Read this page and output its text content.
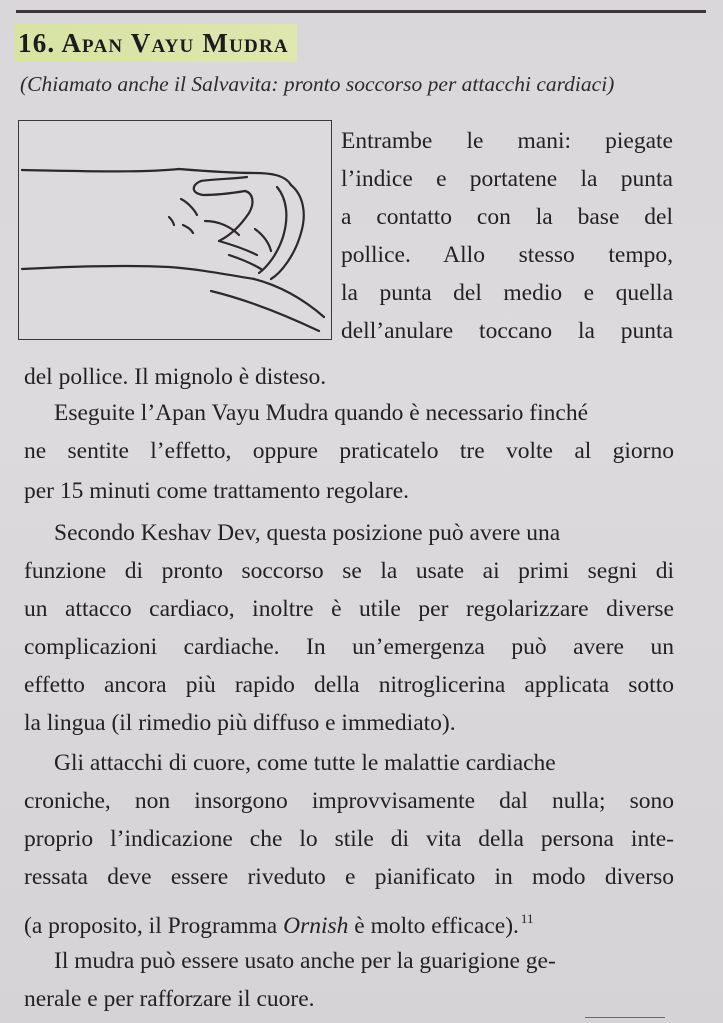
16. Apan Vayu Mudra
(Chiamato anche il Salvavita: pronto soccorso per attacchi cardiaci)
Entrambe le mani: piegate
l’indice e portatene la punta
a contatto con la base del
pollice. Allo stesso tempo,
la punta del medio e quella
dell’anulare toccano la punta
del pollice. Il mignolo è disteso.
Eseguite l’Apan Vayu Mudra quando è necessario finché
ne sentite l’effetto, oppure praticatelo tre volte al giorno
per 15 minuti come trattamento regolare.
Secondo Keshav Dev, questa posizione può avere una
funzione di pronto soccorso se la usate ai primi segni di
un attacco cardiaco, inoltre è utile per regolarizzare diverse
complicazioni cardiache. In un’emergenza può avere un
effetto ancora più rapido della nitroglicerina applicata sotto
la lingua (il rimedio più diffuso e immediato).
Gli attacchi di cuore, come tutte le malattie cardiache
croniche, non insorgono improvvisamente dal nulla; sono
proprio l’indicazione che lo stile di vita della persona inte-
ressata deve essere riveduto e pianificato in modo diverso
(a proposito, il Programma Ornish è molto efficace). $^{11}$
Il mudra può essere usato anche per la guarigione ge-
nerale e per rafforzare il cuore.
